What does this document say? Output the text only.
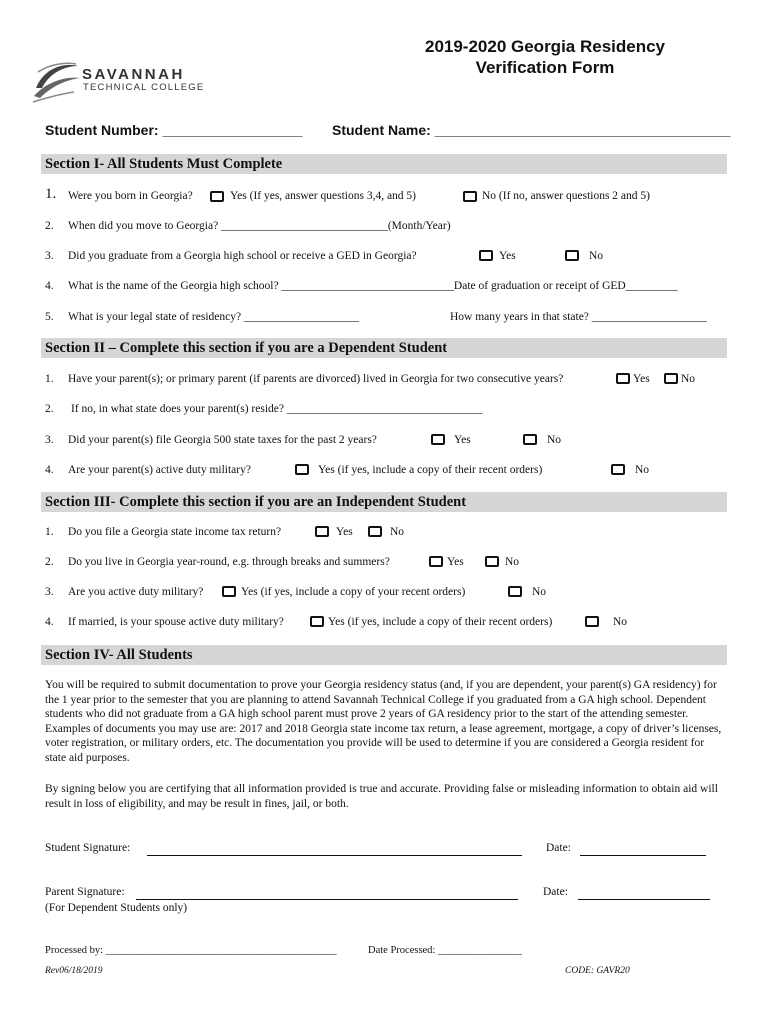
2019-2020 Georgia Residency
Verification Form
SAVANNAH
TECHNICAL COLLEGE
Student Number: __________________ Student Name: ______________________________________
Section I- All Students Must Complete
1. Were you born in Georgia?	Yes (If yes, answer questions 3,4, and 5)	No (If no, answer questions 2 and 5)
2. When did you move to Georgia? _____________________________(Month/Year)
3. Did you graduate from a Georgia high school or receive a GED in Georgia?	Yes	No
4. What is the name of the Georgia high school? ______________________________Date of graduation or receipt of GED_________
5. What is your legal state of residency? ____________________	How many years in that state? ____________________
Section II – Complete this section if you are a Dependent Student
1. Have your parent(s); or primary parent (if parents are divorced) lived in Georgia for two consecutive years?	Yes	No
2. If no, in what state does your parent(s) reside? __________________________________
3. Did your parent(s) file Georgia 500 state taxes for the past 2 years?	Yes	No
4. Are your parent(s) active duty military?	Yes (if yes, include a copy of their recent orders)	No
Section III- Complete this section if you are an Independent Student
1. Do you file a Georgia state income tax return?	Yes	No
2. Do you live in Georgia year-round, e.g. through breaks and summers?	Yes	No
3. Are you active duty military?	Yes (if yes, include a copy of your recent orders)	No
4. If married, is your spouse active duty military?	Yes (if yes, include a copy of their recent orders)	No
Section IV- All Students
You will be required to submit documentation to prove your Georgia residency status (and, if you are dependent, your parent(s) GA residency) for the 1 year prior to the semester that you are planning to attend Savannah Technical College if you graduated from a GA high school. Dependent students who did not graduate from a GA high school parent must prove 2 years of GA residency prior to the start of the attending semester. Examples of documents you may use are: 2017 and 2018 Georgia state income tax return, a lease agreement, mortgage, a copy of driver’s licenses, voter registration, or military orders, etc. The documentation you provide will be used to determine if you are considered a Georgia resident for state aid purposes.
By signing below you are certifying that all information provided is true and accurate. Providing false or misleading information to obtain aid will result in loss of eligibility, and may be result in fines, jail, or both.
Student Signature:	Date:
Parent Signature:
(For Dependent Students only)
Date:
Processed by: ____________________________________________	Date Processed: ________________
Rev06/18/2019	CODE: GAVR20
